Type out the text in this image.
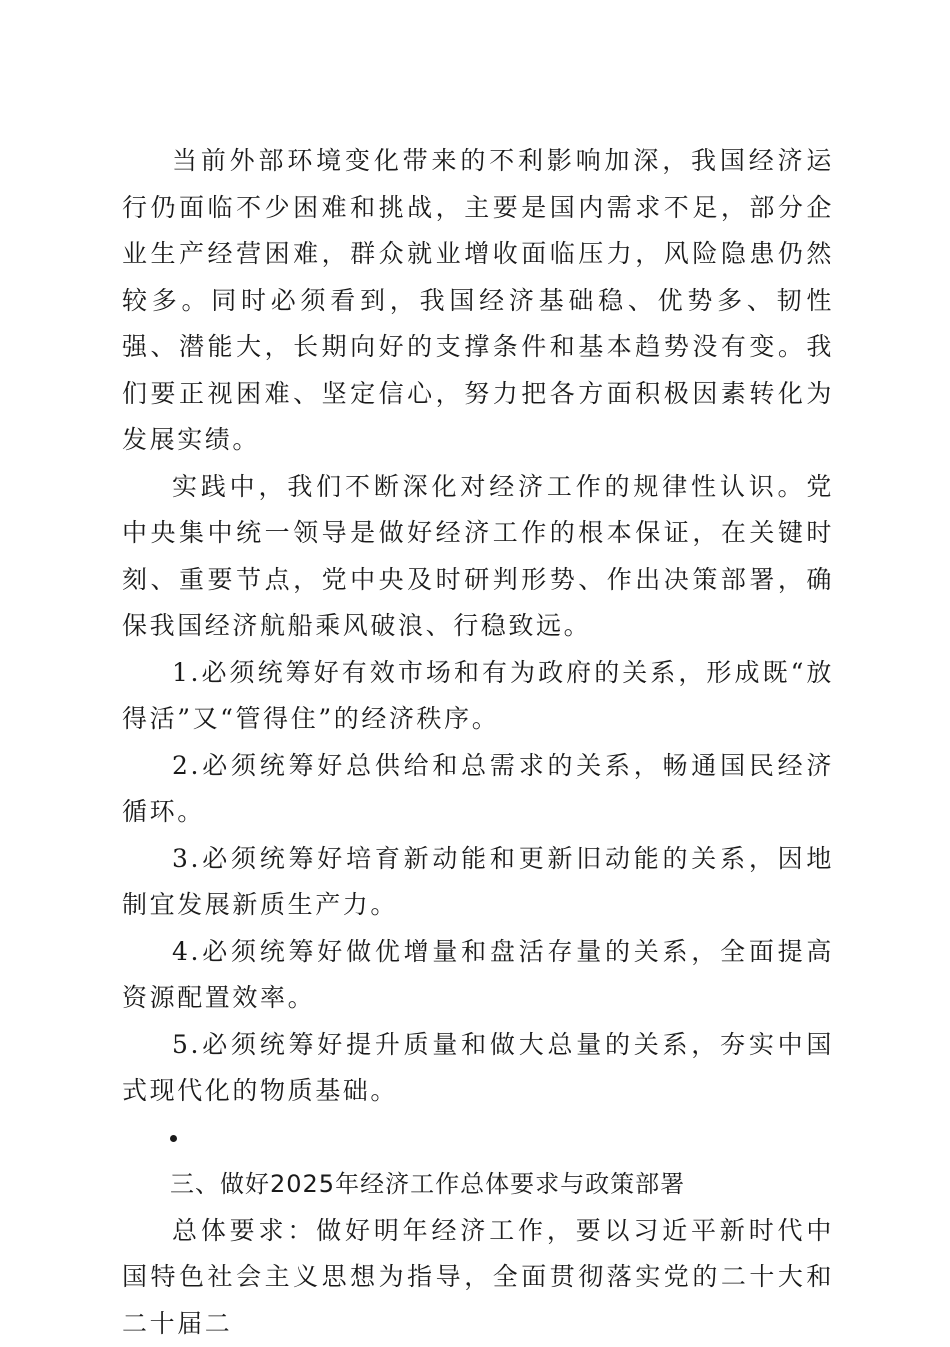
当前外部环境变化带来的不利影响加深，我国经济运行仍面临不少困难和挑战，主要是国内需求不足，部分企业生产经营困难，群众就业增收面临压力，风险隐患仍然较多。同时必须看到，我国经济基础稳、优势多、韧性强、潜能大，长期向好的支撑条件和基本趋势没有变。我们要正视困难、坚定信心，努力把各方面积极因素转化为发展实绩。

实践中，我们不断深化对经济工作的规律性认识。党中央集中统一领导是做好经济工作的根本保证，在关键时刻、重要节点，党中央及时研判形势、作出决策部署，确保我国经济航船乘风破浪、行稳致远。

1.必须统筹好有效市场和有为政府的关系，形成既“放得活”又“管得住”的经济秩序。

2.必须统筹好总供给和总需求的关系，畅通国民经济循环。

3.必须统筹好培育新动能和更新旧动能的关系，因地制宜发展新质生产力。

4.必须统筹好做优增量和盘活存量的关系，全面提高资源配置效率。

5.必须统筹好提升质量和做大总量的关系，夯实中国式现代化的物质基础。

三、做好2025年经济工作总体要求与政策部署

总体要求：做好明年经济工作，要以习近平新时代中国特色社会主义思想为指导，全面贯彻落实党的二十大和二十届二
